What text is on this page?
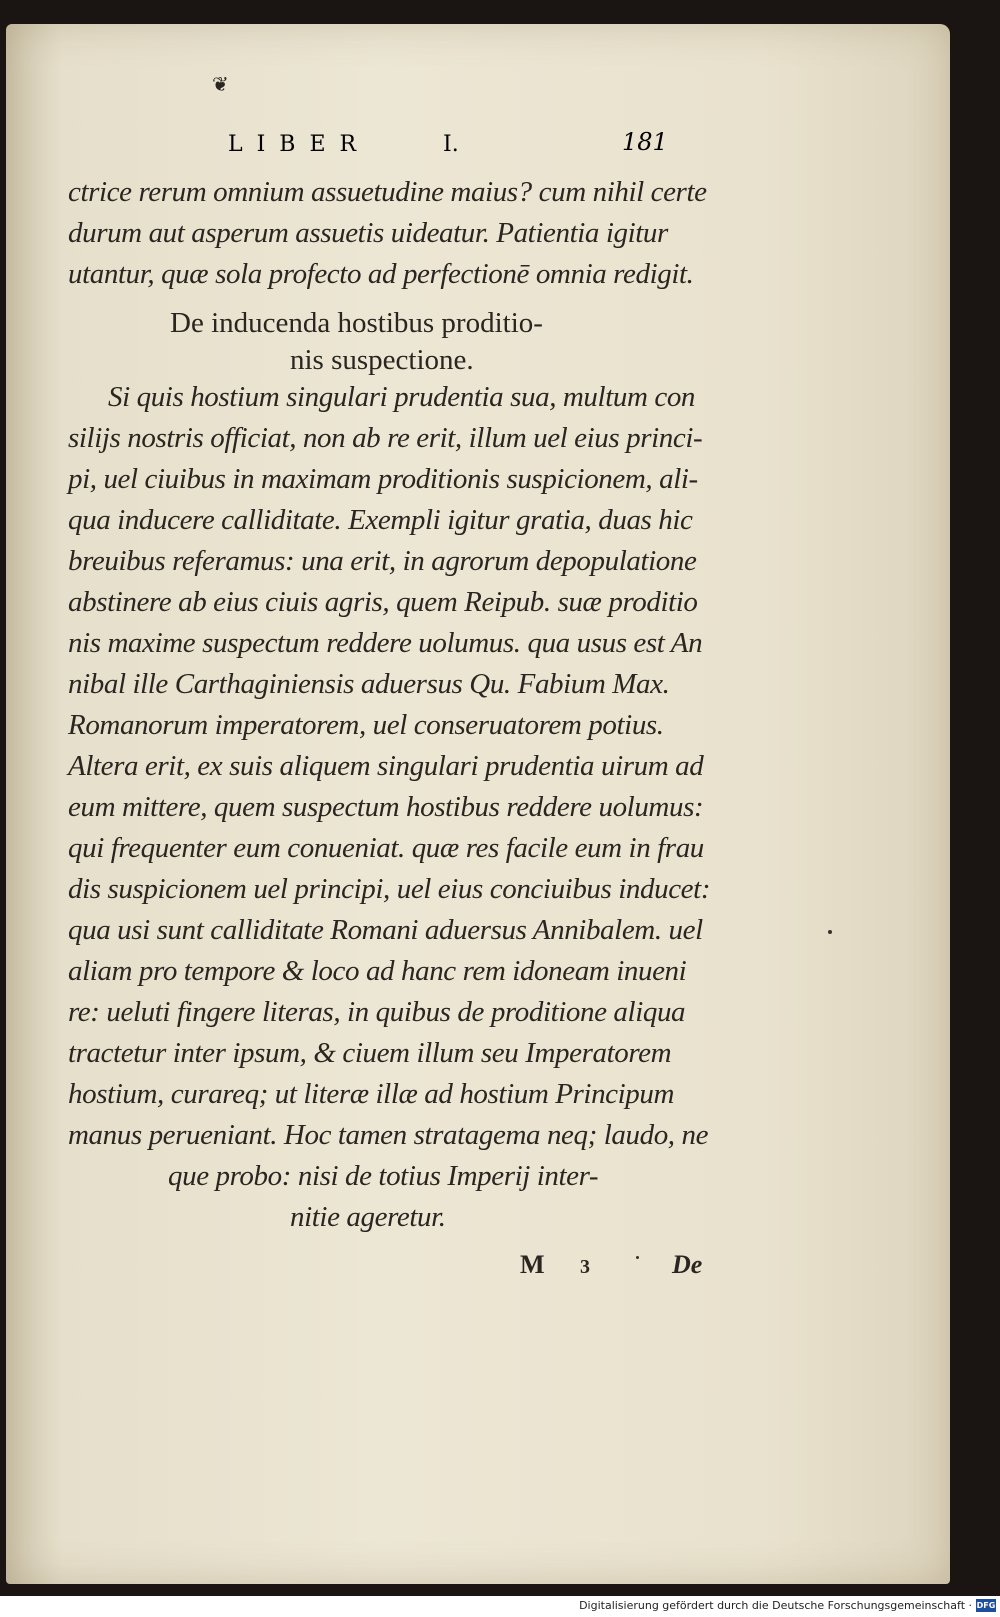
❦
LIBER	I.	181
ctrice rerum omnium assuetudine maius? cum nihil certe
durum aut asperum assuetis uideatur. Patientia igitur
utantur, quæ sola profecto ad perfectionē omnia redigit.
De inducenda hostibus proditio-
nis suspectione.
Si quis hostium singulari prudentia sua, multum con
silijs nostris officiat, non ab re erit, illum uel eius princi-
pi, uel ciuibus in maximam proditionis suspicionem, ali-
qua inducere calliditate. Exempli igitur gratia, duas hic
breuibus referamus: una erit, in agrorum depopulatione
abstinere ab eius ciuis agris, quem Reipub. suæ proditio
nis maxime suspectum reddere uolumus. qua usus est An
nibal ille Carthaginiensis aduersus Qu. Fabium Max.
Romanorum imperatorem, uel conseruatorem potius.
Altera erit, ex suis aliquem singulari prudentia uirum ad
eum mittere, quem suspectum hostibus reddere uolumus:
qui frequenter eum conueniat. quæ res facile eum in frau
dis suspicionem uel principi, uel eius conciuibus inducet:
qua usi sunt calliditate Romani aduersus Annibalem. uel
aliam pro tempore & loco ad hanc rem idoneam inueni
re: ueluti fingere literas, in quibus de proditione aliqua
tractetur inter ipsum, & ciuem illum seu Imperatorem
hostium, curareq; ut literæ illæ ad hostium Principum
manus perueniant. Hoc tamen stratagema neq; laudo, ne
que probo: nisi de totius Imperij inter-
nitie ageretur.
M 3	De
Digitalisierung gefördert durch die Deutsche Forschungsgemeinschaft · DFG
